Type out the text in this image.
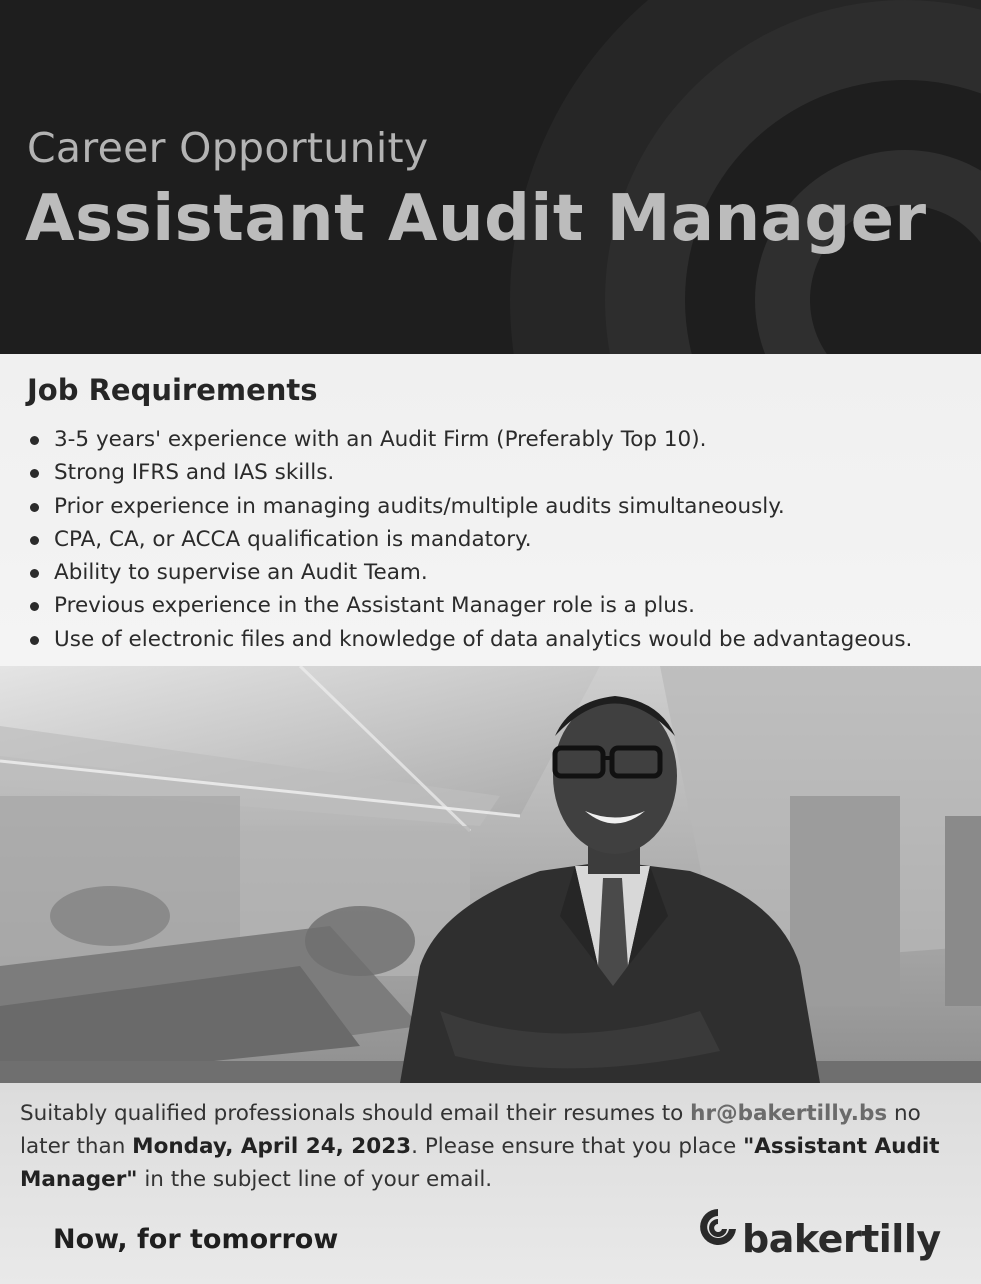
Career Opportunity
Assistant Audit Manager
Job Requirements
3-5 years' experience with an Audit Firm (Preferably Top 10).
Strong IFRS and IAS skills.
Prior experience in managing audits/multiple audits simultaneously.
CPA, CA, or ACCA qualification is mandatory.
Ability to supervise an Audit Team.
Previous experience in the Assistant Manager role is a plus.
Use of electronic files and knowledge of data analytics would be advantageous.

Suitably qualified professionals should email their resumes to hr@bakertilly.bs no later than Monday, April 24, 2023. Please ensure that you place "Assistant Audit Manager" in the subject line of your email.

Now, for tomorrow	bakertilly
